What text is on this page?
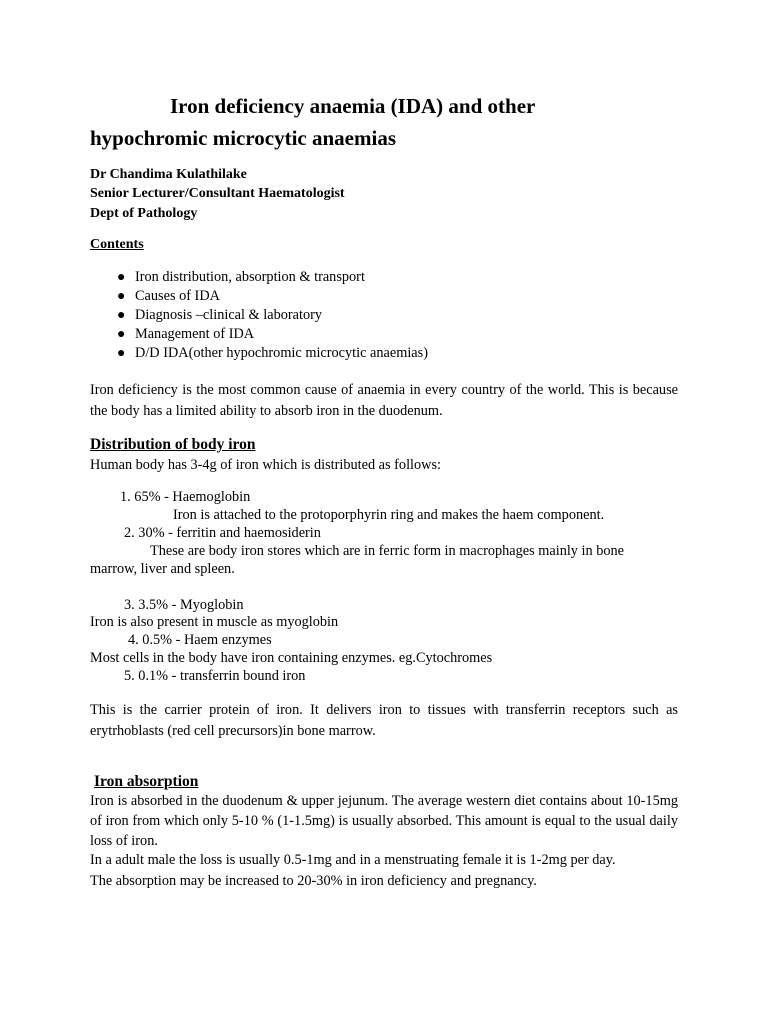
Iron deficiency anaemia (IDA) and other
hypochromic microcytic anaemias
Dr Chandima Kulathilake
Senior Lecturer/Consultant Haematologist
Dept of Pathology
Contents
● Iron distribution, absorption & transport
● Causes of IDA
● Diagnosis –clinical & laboratory
● Management of IDA
● D/D IDA(other hypochromic microcytic anaemias)
Iron deficiency is the most common cause of anaemia in every country of the world. This is because the body has a limited ability to absorb iron in the duodenum.
Distribution of body iron
Human body has 3-4g of iron which is distributed as follows:
1. 65% - Haemoglobin
Iron is attached to the protoporphyrin ring and makes the haem component.
2. 30% - ferritin and haemosiderin
These are body iron stores which are in ferric form in macrophages mainly in bone
marrow, liver and spleen.
3. 3.5% - Myoglobin
Iron is also present in muscle as myoglobin
4. 0.5% - Haem enzymes
Most cells in the body have iron containing enzymes. eg.Cytochromes
5. 0.1% - transferrin bound iron
This is the carrier protein of iron. It delivers iron to tissues with transferrin receptors such as erytrhoblasts (red cell precursors)in bone marrow.
Iron absorption
Iron is absorbed in the duodenum & upper jejunum. The average western diet contains about 10-15mg of iron from which only 5-10 % (1-1.5mg) is usually absorbed. This amount is equal to the usual daily loss of iron.
In a adult male the loss is usually 0.5-1mg and in a menstruating female it is 1-2mg per day.
The absorption may be increased to 20-30% in iron deficiency and pregnancy.
